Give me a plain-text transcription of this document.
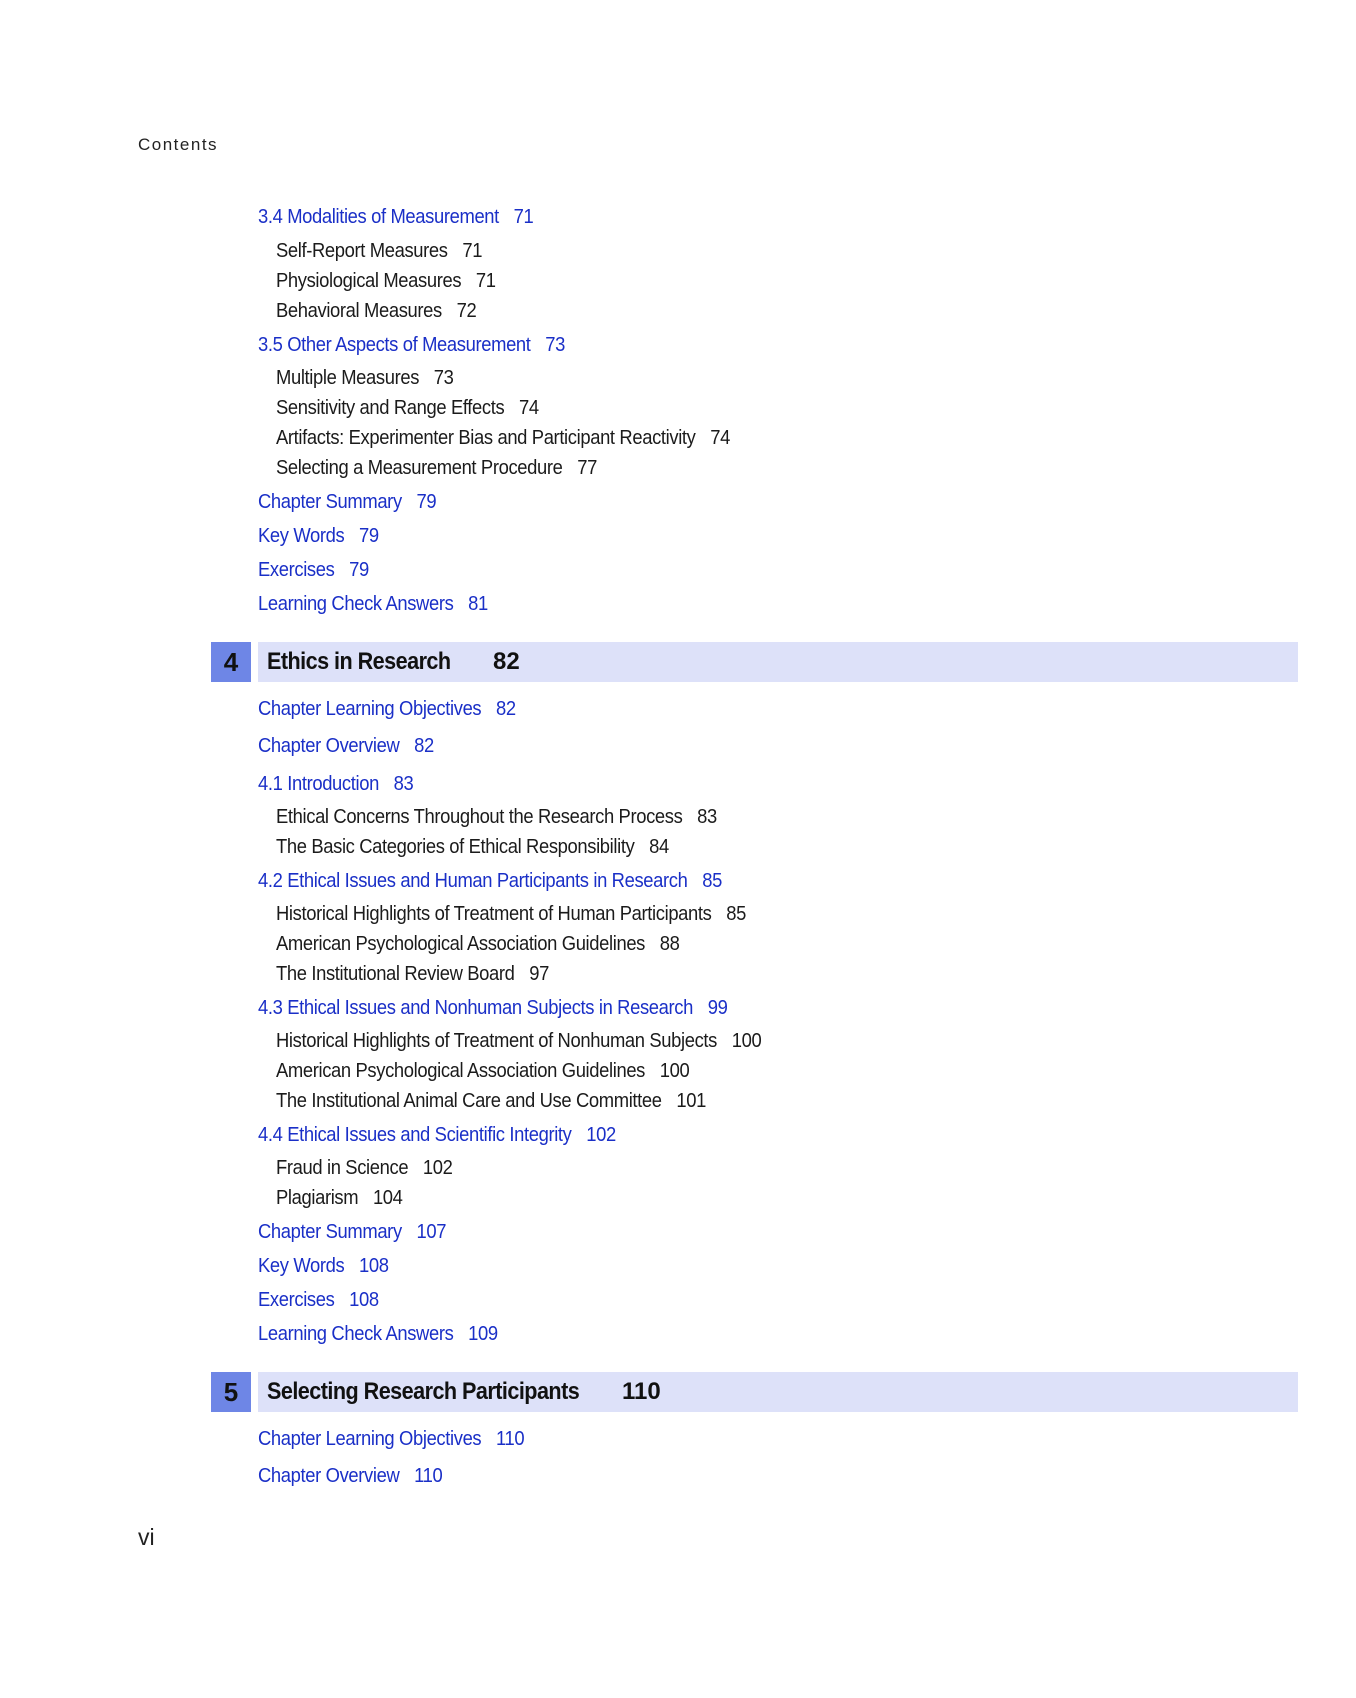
Contents
3.4 Modalities of Measurement 71
Self-Report Measures 71
Physiological Measures 71
Behavioral Measures 72
3.5 Other Aspects of Measurement 73
Multiple Measures 73
Sensitivity and Range Effects 74
Artifacts: Experimenter Bias and Participant Reactivity 74
Selecting a Measurement Procedure 77
Chapter Summary 79
Key Words 79
Exercises 79
Learning Check Answers 81
4	Ethics in Research 82
Chapter Learning Objectives 82
Chapter Overview 82
4.1 Introduction 83
Ethical Concerns Throughout the Research Process 83
The Basic Categories of Ethical Responsibility 84
4.2 Ethical Issues and Human Participants in Research 85
Historical Highlights of Treatment of Human Participants 85
American Psychological Association Guidelines 88
The Institutional Review Board 97
4.3 Ethical Issues and Nonhuman Subjects in Research 99
Historical Highlights of Treatment of Nonhuman Subjects 100
American Psychological Association Guidelines 100
The Institutional Animal Care and Use Committee 101
4.4 Ethical Issues and Scientific Integrity 102
Fraud in Science 102
Plagiarism 104
Chapter Summary 107
Key Words 108
Exercises 108
Learning Check Answers 109
5	Selecting Research Participants 110
Chapter Learning Objectives 110
Chapter Overview 110
vi
